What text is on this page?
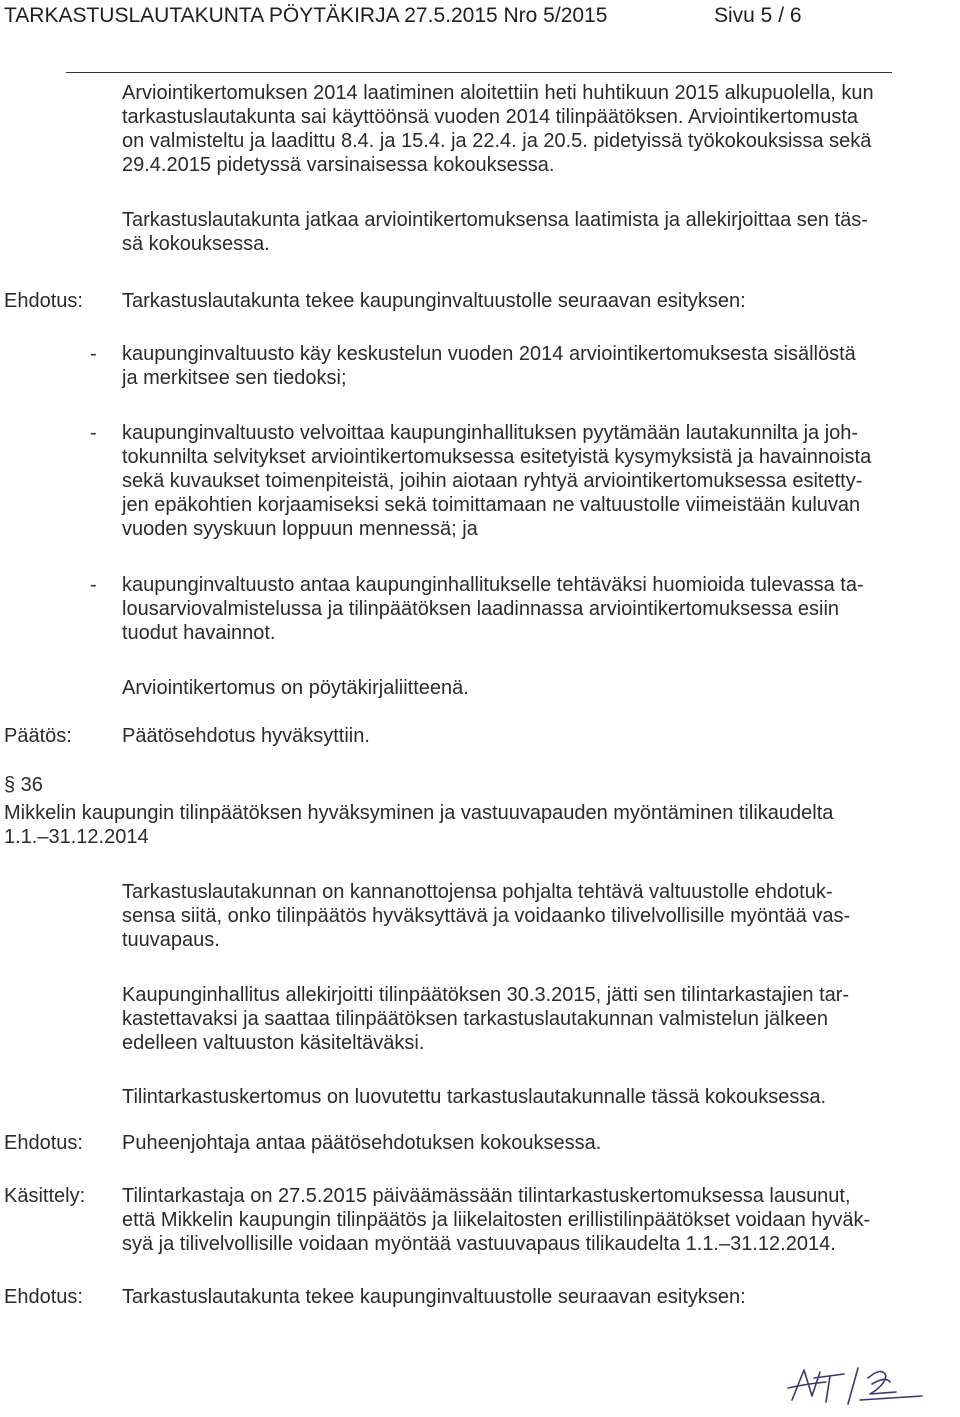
TARKASTUSLAUTAKUNTA PÖYTÄKIRJA 27.5.2015 Nro 5/2015	Sivu 5 / 6
Arviointikertomuksen 2014 laatiminen aloitettiin heti huhtikuun 2015 alkupuolella, kun
tarkastuslautakunta sai käyttöönsä vuoden 2014 tilinpäätöksen. Arviointikertomusta
on valmisteltu ja laadittu 8.4. ja 15.4. ja 22.4. ja 20.5. pidetyissä työkokouksissa sekä
29.4.2015 pidetyssä varsinaisessa kokouksessa.
Tarkastuslautakunta jatkaa arviointikertomuksensa laatimista ja allekirjoittaa sen täs-
sä kokouksessa.
Ehdotus: Tarkastuslautakunta tekee kaupunginvaltuustolle seuraavan esityksen:
- kaupunginvaltuusto käy keskustelun vuoden 2014 arviointikertomuksesta sisällöstä
ja merkitsee sen tiedoksi;
- kaupunginvaltuusto velvoittaa kaupunginhallituksen pyytämään lautakunnilta ja joh-
tokunnilta selvitykset arviointikertomuksessa esitetyistä kysymyksistä ja havainnoista
sekä kuvaukset toimenpiteistä, joihin aiotaan ryhtyä arviointikertomuksessa esitetty-
jen epäkohtien korjaamiseksi sekä toimittamaan ne valtuustolle viimeistään kuluvan
vuoden syyskuun loppuun mennessä; ja
- kaupunginvaltuusto antaa kaupunginhallitukselle tehtäväksi huomioida tulevassa ta-
lousarviovalmistelussa ja tilinpäätöksen laadinnassa arviointikertomuksessa esiin
tuodut havainnot.
Arviointikertomus on pöytäkirjaliitteenä.
Päätös:	Päätösehdotus hyväksyttiin.
§ 36
Mikkelin kaupungin tilinpäätöksen hyväksyminen ja vastuuvapauden myöntäminen tilikaudelta
1.1.–31.12.2014
Tarkastuslautakunnan on kannanottojensa pohjalta tehtävä valtuustolle ehdotuk-
sensa siitä, onko tilinpäätös hyväksyttävä ja voidaanko tilivelvollisille myöntää vas-
tuuvapaus.
Kaupunginhallitus allekirjoitti tilinpäätöksen 30.3.2015, jätti sen tilintarkastajien tar-
kastettavaksi ja saattaa tilinpäätöksen tarkastuslautakunnan valmistelun jälkeen
edelleen valtuuston käsiteltäväksi.
Tilintarkastuskertomus on luovutettu tarkastuslautakunnalle tässä kokouksessa.
Ehdotus: Puheenjohtaja antaa päätösehdotuksen kokouksessa.
Käsittely: Tilintarkastaja on 27.5.2015 päiväämässään tilintarkastuskertomuksessa lausunut,
että Mikkelin kaupungin tilinpäätös ja liikelaitosten erillistilinpäätökset voidaan hyväk-
syä ja tilivelvollisille voidaan myöntää vastuuvapaus tilikaudelta 1.1.–31.12.2014.
Ehdotus: Tarkastuslautakunta tekee kaupunginvaltuustolle seuraavan esityksen:
